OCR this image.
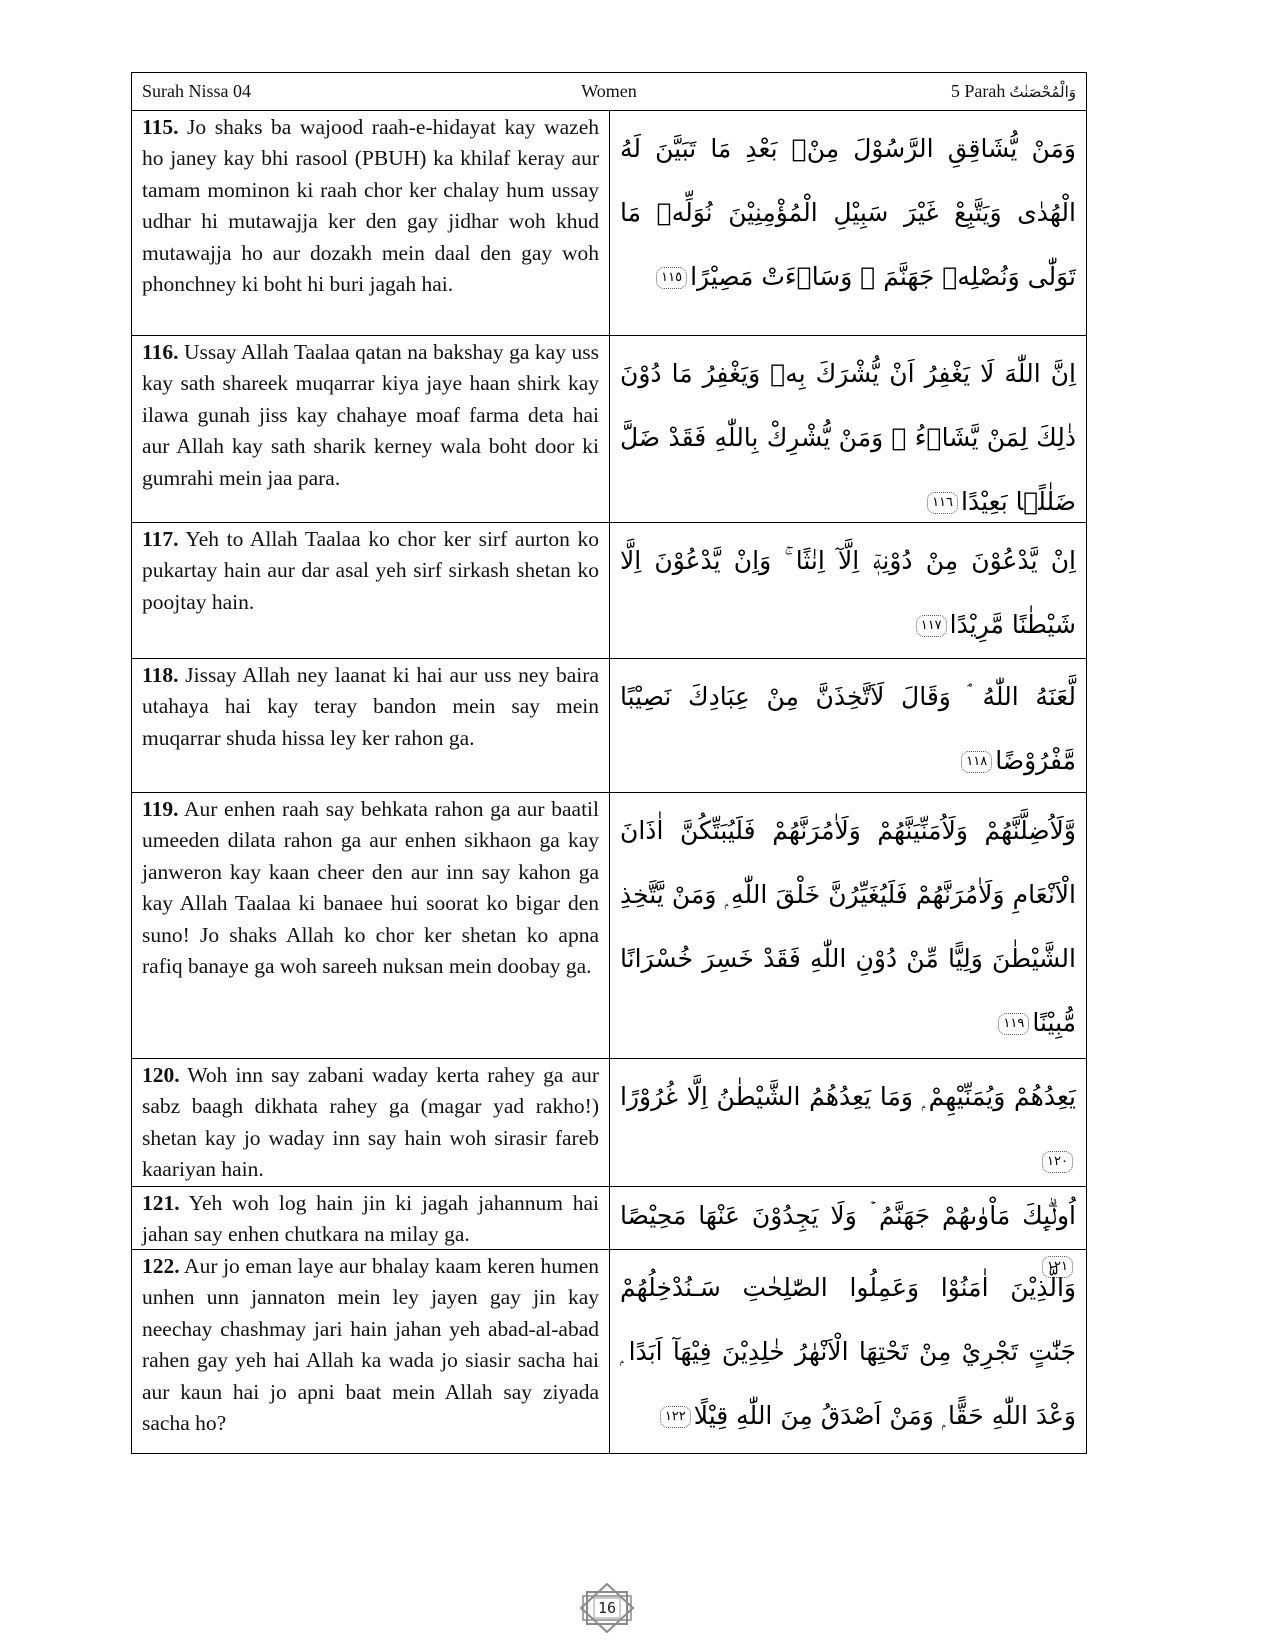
Surah Nissa 04	Women	5 Parah وَالْمُحْصَنٰتُ
115. Jo shaks ba wajood raah-e-hidayat kay wazeh ho janey kay bhi rasool (PBUH) ka khilaf keray aur tamam mominon ki raah chor ker chalay hum ussay udhar hi mutawajja ker den gay jidhar woh khud mutawajja ho aur dozakh mein daal den gay woh phonchney ki boht hi buri jagah hai.
وَمَنْ يُّشَاقِقِ الرَّسُوْلَ مِنْۢ بَعْدِ مَا تَبَيَّنَ لَهُ الْهُدٰى وَيَتَّبِعْ غَيْرَ سَبِيْلِ الْمُؤْمِنِيْنَ نُوَلِّهٖ مَا تَوَلّٰى وَنُصْلِهٖ جَهَنَّمَ ۭ وَسَاۗءَتْ مَصِيْرًا١١٥
116. Ussay Allah Taalaa qatan na bakshay ga kay uss kay sath shareek muqarrar kiya jaye haan shirk kay ilawa gunah jiss kay chahaye moaf farma deta hai aur Allah kay sath sharik kerney wala boht door ki gumrahi mein jaa para.
اِنَّ اللّٰهَ لَا يَغْفِرُ اَنْ يُّشْرَكَ بِهٖ وَيَغْفِرُ مَا دُوْنَ ذٰلِكَ لِمَنْ يَّشَاۗءُ ۭ وَمَنْ يُّشْرِكْ بِاللّٰهِ فَقَدْ ضَلَّ ضَلٰلًۢا بَعِيْدًا١١٦
117. Yeh to Allah Taalaa ko chor ker sirf aurton ko pukartay hain aur dar asal yeh sirf sirkash shetan ko poojtay hain.
اِنْ يَّدْعُوْنَ مِنْ دُوْنِهٖٓ اِلَّآ اِنٰثًا ۚ وَاِنْ يَّدْعُوْنَ اِلَّا شَيْطٰنًا مَّرِيْدًا١١٧
118. Jissay Allah ney laanat ki hai aur uss ney baira utahaya hai kay teray bandon mein say mein muqarrar shuda hissa ley ker rahon ga.
لَّعَنَهُ اللّٰهُ ۘ وَقَالَ لَاَتَّخِذَنَّ مِنْ عِبَادِكَ نَصِيْبًا مَّفْرُوْضًا١١٨
119. Aur enhen raah say behkata rahon ga aur baatil umeeden dilata rahon ga aur enhen sikhaon ga kay janweron kay kaan cheer den aur inn say kahon ga kay Allah Taalaa ki banaee hui soorat ko bigar den suno! Jo shaks Allah ko chor ker shetan ko apna rafiq banaye ga woh sareeh nuksan mein doobay ga.
وَّلَاُضِلَّنَّھُمْ وَلَاُمَنِّيَنَّھُمْ وَلَاٰمُرَنَّھُمْ فَلَيُبَتِّكُنَّ اٰذَانَ الْاَنْعَامِ وَلَاٰمُرَنَّھُمْ فَلَيُغَيِّرُنَّ خَلْقَ اللّٰهِ ۭ وَمَنْ يَّتَّخِذِ الشَّيْطٰنَ وَلِيًّا مِّنْ دُوْنِ اللّٰهِ فَقَدْ خَسِرَ خُسْرَانًا مُّبِيْنًا١١٩
120. Woh inn say zabani waday kerta rahey ga aur sabz baagh dikhata rahey ga (magar yad rakho!) shetan kay jo waday inn say hain woh sirasir fareb kaariyan hain.
يَعِدُھُمْ وَيُمَنِّيْهِمْ ۭ وَمَا يَعِدُھُمُ الشَّيْطٰنُ اِلَّا غُرُوْرًا١٢٠
121. Yeh woh log hain jin ki jagah jahannum hai jahan say enhen chutkara na milay ga.
اُولٰۗىِٕكَ مَاْوٰىھُمْ جَهَنَّمُ ۡ وَلَا يَجِدُوْنَ عَنْهَا مَحِيْصًا١٢١
122. Aur jo eman laye aur bhalay kaam keren humen unhen unn jannaton mein ley jayen gay jin kay neechay chashmay jari hain jahan yeh abad-al-abad rahen gay yeh hai Allah ka wada jo siasir sacha hai aur kaun hai jo apni baat mein Allah say ziyada sacha ho?
وَالَّذِيْنَ اٰمَنُوْا وَعَمِلُوا الصّٰلِحٰتِ سَـنُدْخِلُھُمْ جَنّٰتٍ تَجْرِيْ مِنْ تَحْتِهَا الْاَنْھٰرُ خٰلِدِيْنَ فِيْهَآ اَبَدًا ۭ وَعْدَ اللّٰهِ حَقًّا ۭ وَمَنْ اَصْدَقُ مِنَ اللّٰهِ قِيْلًا١٢٢
16
